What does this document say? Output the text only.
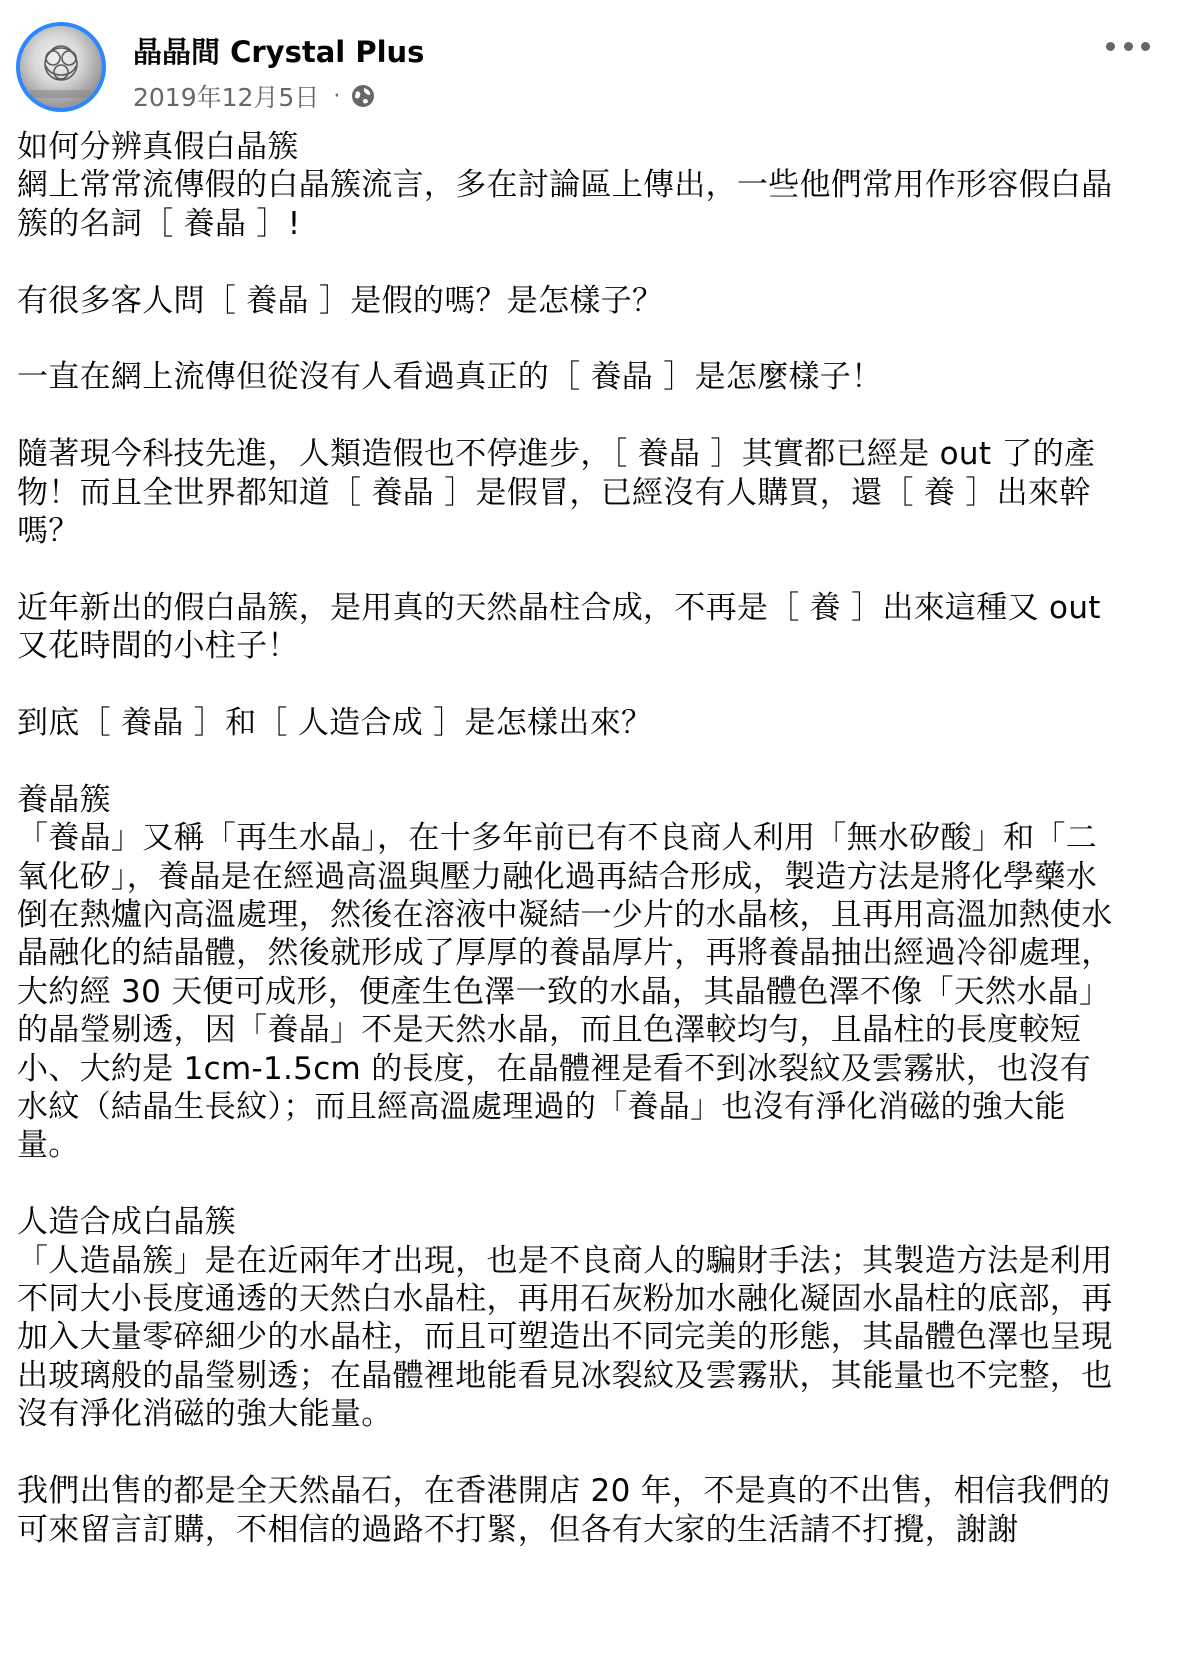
晶晶間 Crystal Plus
2019年12月5日 ·
如何分辨真假白晶簇
網上常常流傳假的白晶簇流言，多在討論區上傳出，一些他們常用作形容假白晶簇的名詞［ 養晶 ］!
有很多客人問［ 養晶 ］是假的嗎？是怎樣子？
一直在網上流傳但從沒有人看過真正的［ 養晶 ］是怎麼樣子！
隨著現今科技先進，人類造假也不停進步，［ 養晶 ］其實都已經是 out 了的產物！而且全世界都知道［ 養晶 ］是假冒，已經沒有人購買，還［ 養 ］出來幹嗎？
近年新出的假白晶簇，是用真的天然晶柱合成，不再是［ 養 ］出來這種又 out 又花時間的小柱子！
到底［ 養晶 ］和［ 人造合成 ］是怎樣出來？
養晶簇
「養晶」又稱「再生水晶」，在十多年前已有不良商人利用「無水矽酸」和「二氧化矽」，養晶是在經過高溫與壓力融化過再結合形成，製造方法是將化學藥水倒在熱爐內高溫處理，然後在溶液中凝結一少片的水晶核，且再用高溫加熱使水晶融化的結晶體，然後就形成了厚厚的養晶厚片，再將養晶抽出經過冷卻處理，大約經 30 天便可成形，便產生色澤一致的水晶，其晶體色澤不像「天然水晶」的晶瑩剔透，因「養晶」不是天然水晶，而且色澤較均勻，且晶柱的長度較短小、大約是 1cm-1.5cm 的長度，在晶體裡是看不到冰裂紋及雲霧狀，也沒有水紋（結晶生長紋）；而且經高溫處理過的「養晶」也沒有淨化消磁的強大能量。
人造合成白晶簇
「人造晶簇」是在近兩年才出現，也是不良商人的騙財手法；其製造方法是利用不同大小長度通透的天然白水晶柱，再用石灰粉加水融化凝固水晶柱的底部，再加入大量零碎細少的水晶柱，而且可塑造出不同完美的形態，其晶體色澤也呈現出玻璃般的晶瑩剔透；在晶體裡地能看見冰裂紋及雲霧狀，其能量也不完整，也沒有淨化消磁的強大能量。
我們出售的都是全天然晶石，在香港開店 20 年，不是真的不出售，相信我們的可來留言訂購，不相信的過路不打緊，但各有大家的生活請不打攪，謝謝
